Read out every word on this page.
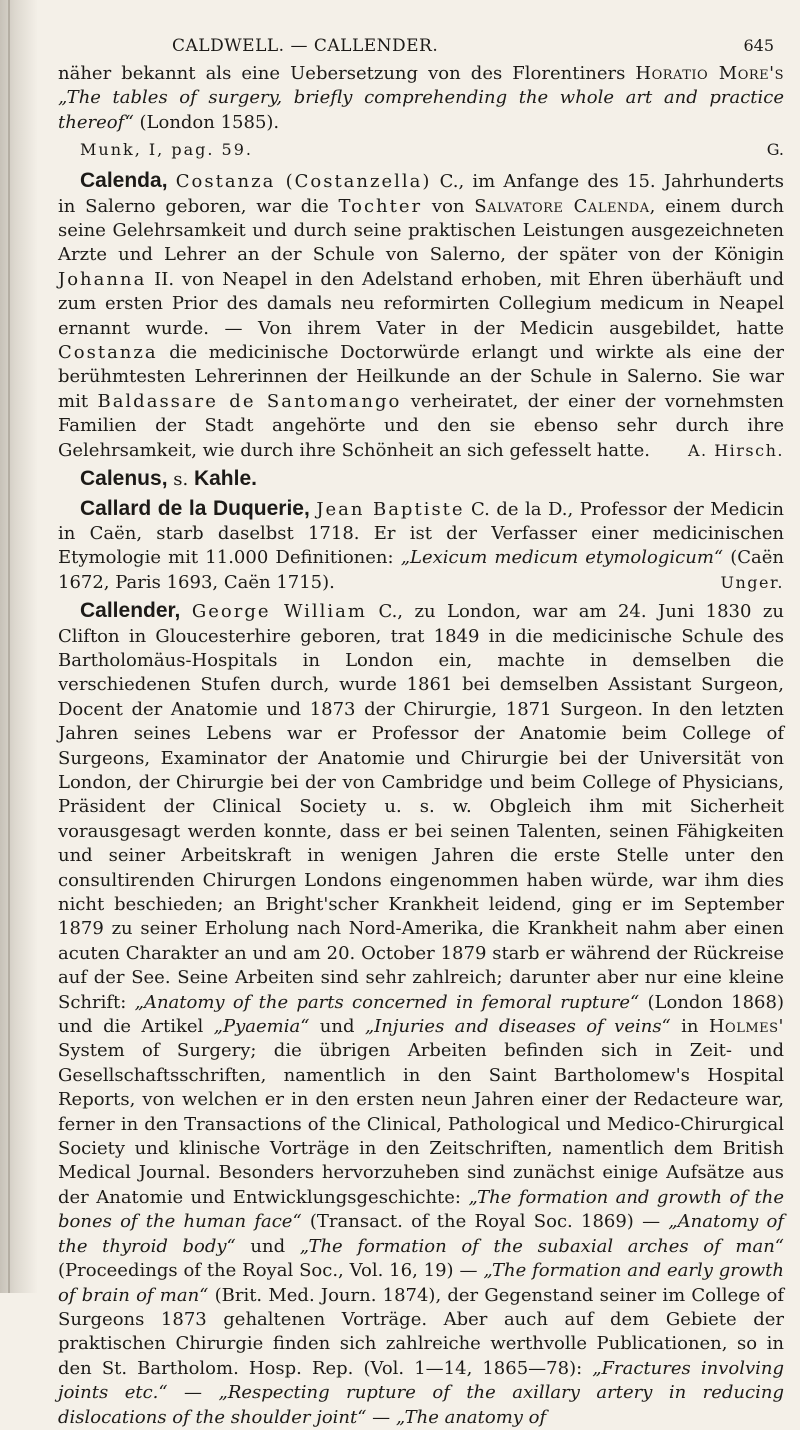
CALDWELL. — CALLENDER.	645

näher bekannt als eine Uebersetzung von des Florentiners Horatio More's „The tables of surgery, briefly comprehending the whole art and practice thereof“ (London 1585).

Munk, I, pag. 59.	G.

Calenda, Costanza (Costanzella) C., im Anfange des 15. Jahrhunderts in Salerno geboren, war die Tochter von Salvatore Calenda, einem durch seine Gelehrsamkeit und durch seine praktischen Leistungen ausgezeichneten Arzte und Lehrer an der Schule von Salerno, der später von der Königin Johanna II. von Neapel in den Adelstand erhoben, mit Ehren überhäuft und zum ersten Prior des damals neu reformirten Collegium medicum in Neapel ernannt wurde. — Von ihrem Vater in der Medicin ausgebildet, hatte Costanza die medicinische Doctorwürde erlangt und wirkte als eine der berühmtesten Lehrerinnen der Heilkunde an der Schule in Salerno. Sie war mit Baldassare de Santomango verheiratet, der einer der vornehmsten Familien der Stadt angehörte und den sie ebenso sehr durch ihre Gelehrsamkeit, wie durch ihre Schönheit an sich gefesselt hatte.	A. Hirsch.

Calenus, s. Kahle.

Callard de la Duquerie, Jean Baptiste C. de la D., Professor der Medicin in Caën, starb daselbst 1718. Er ist der Verfasser einer medicinischen Etymologie mit 11.000 Definitionen: „Lexicum medicum etymologicum“ (Caën 1672, Paris 1693, Caën 1715).	Unger.

Callender, George William C., zu London, war am 24. Juni 1830 zu Clifton in Gloucesterhire geboren, trat 1849 in die medicinische Schule des Bartholomäus-Hospitals in London ein, machte in demselben die verschiedenen Stufen durch, wurde 1861 bei demselben Assistant Surgeon, Docent der Anatomie und 1873 der Chirurgie, 1871 Surgeon. In den letzten Jahren seines Lebens war er Professor der Anatomie beim College of Surgeons, Examinator der Anatomie und Chirurgie bei der Universität von London, der Chirurgie bei der von Cambridge und beim College of Physicians, Präsident der Clinical Society u. s. w. Obgleich ihm mit Sicherheit vorausgesagt werden konnte, dass er bei seinen Talenten, seinen Fähigkeiten und seiner Arbeitskraft in wenigen Jahren die erste Stelle unter den consultirenden Chirurgen Londons eingenommen haben würde, war ihm dies nicht beschieden; an Bright'scher Krankheit leidend, ging er im September 1879 zu seiner Erholung nach Nord-Amerika, die Krankheit nahm aber einen acuten Charakter an und am 20. October 1879 starb er während der Rückreise auf der See. Seine Arbeiten sind sehr zahlreich; darunter aber nur eine kleine Schrift: „Anatomy of the parts concerned in femoral rupture“ (London 1868) und die Artikel „Pyaemia“ und „Injuries and diseases of veins“ in Holmes' System of Surgery; die übrigen Arbeiten befinden sich in Zeit- und Gesellschaftsschriften, namentlich in den Saint Bartholomew's Hospital Reports, von welchen er in den ersten neun Jahren einer der Redacteure war, ferner in den Transactions of the Clinical, Pathological und Medico-Chirurgical Society und klinische Vorträge in den Zeitschriften, namentlich dem British Medical Journal. Besonders hervorzuheben sind zunächst einige Aufsätze aus der Anatomie und Entwicklungsgeschichte: „The formation and growth of the bones of the human face“ (Transact. of the Royal Soc. 1869) — „Anatomy of the thyroid body“ und „The formation of the subaxial arches of man“ (Proceedings of the Royal Soc., Vol. 16, 19) — „The formation and early growth of brain of man“ (Brit. Med. Journ. 1874), der Gegenstand seiner im College of Surgeons 1873 gehaltenen Vorträge. Aber auch auf dem Gebiete der praktischen Chirurgie finden sich zahlreiche werthvolle Publicationen, so in den St. Bartholom. Hosp. Rep. (Vol. 1—14, 1865—78): „Fractures involving joints etc.“ — „Respecting rupture of the axillary artery in reducing dislocations of the shoulder joint“ — „The anatomy of
